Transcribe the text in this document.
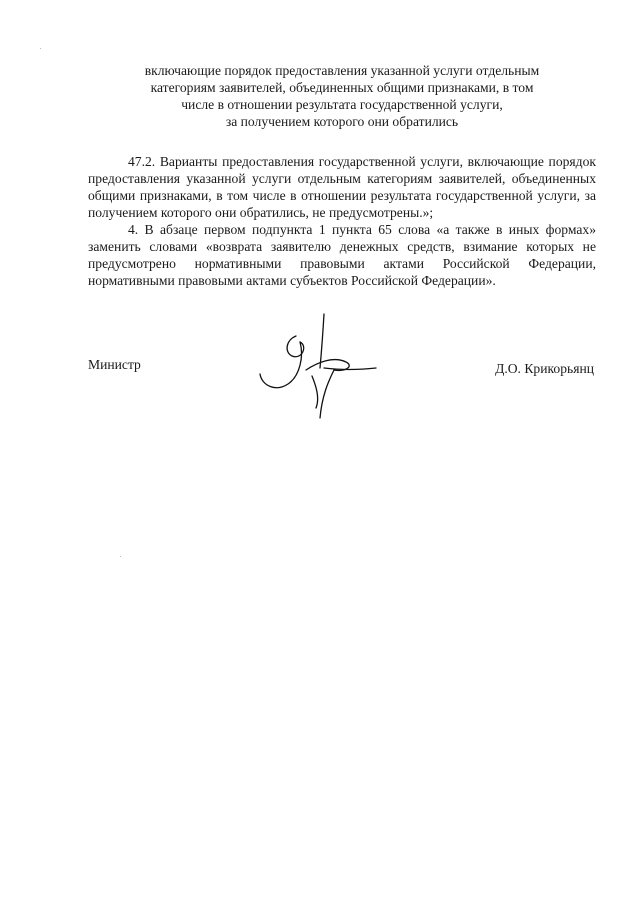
включающие порядок предоставления указанной услуги отдельным
категориям заявителей, объединенных общими признаками, в том
числе в отношении результата государственной услуги,
за получением которого они обратились

47.2. Варианты предоставления государственной услуги, включающие порядок предоставления указанной услуги отдельным категориям заявителей, объединенных общими признаками, в том числе в отношении результата государственной услуги, за получением которого они обратились, не предусмотрены.»;

4. В абзаце первом подпункта 1 пункта 65 слова «а также в иных формах» заменить словами «возврата заявителю денежных средств, взимание которых не предусмотрено нормативными правовыми актами Российской Федерации, нормативными правовыми актами субъектов Российской Федерации».

Министр	Д.О. Крикорьянц
